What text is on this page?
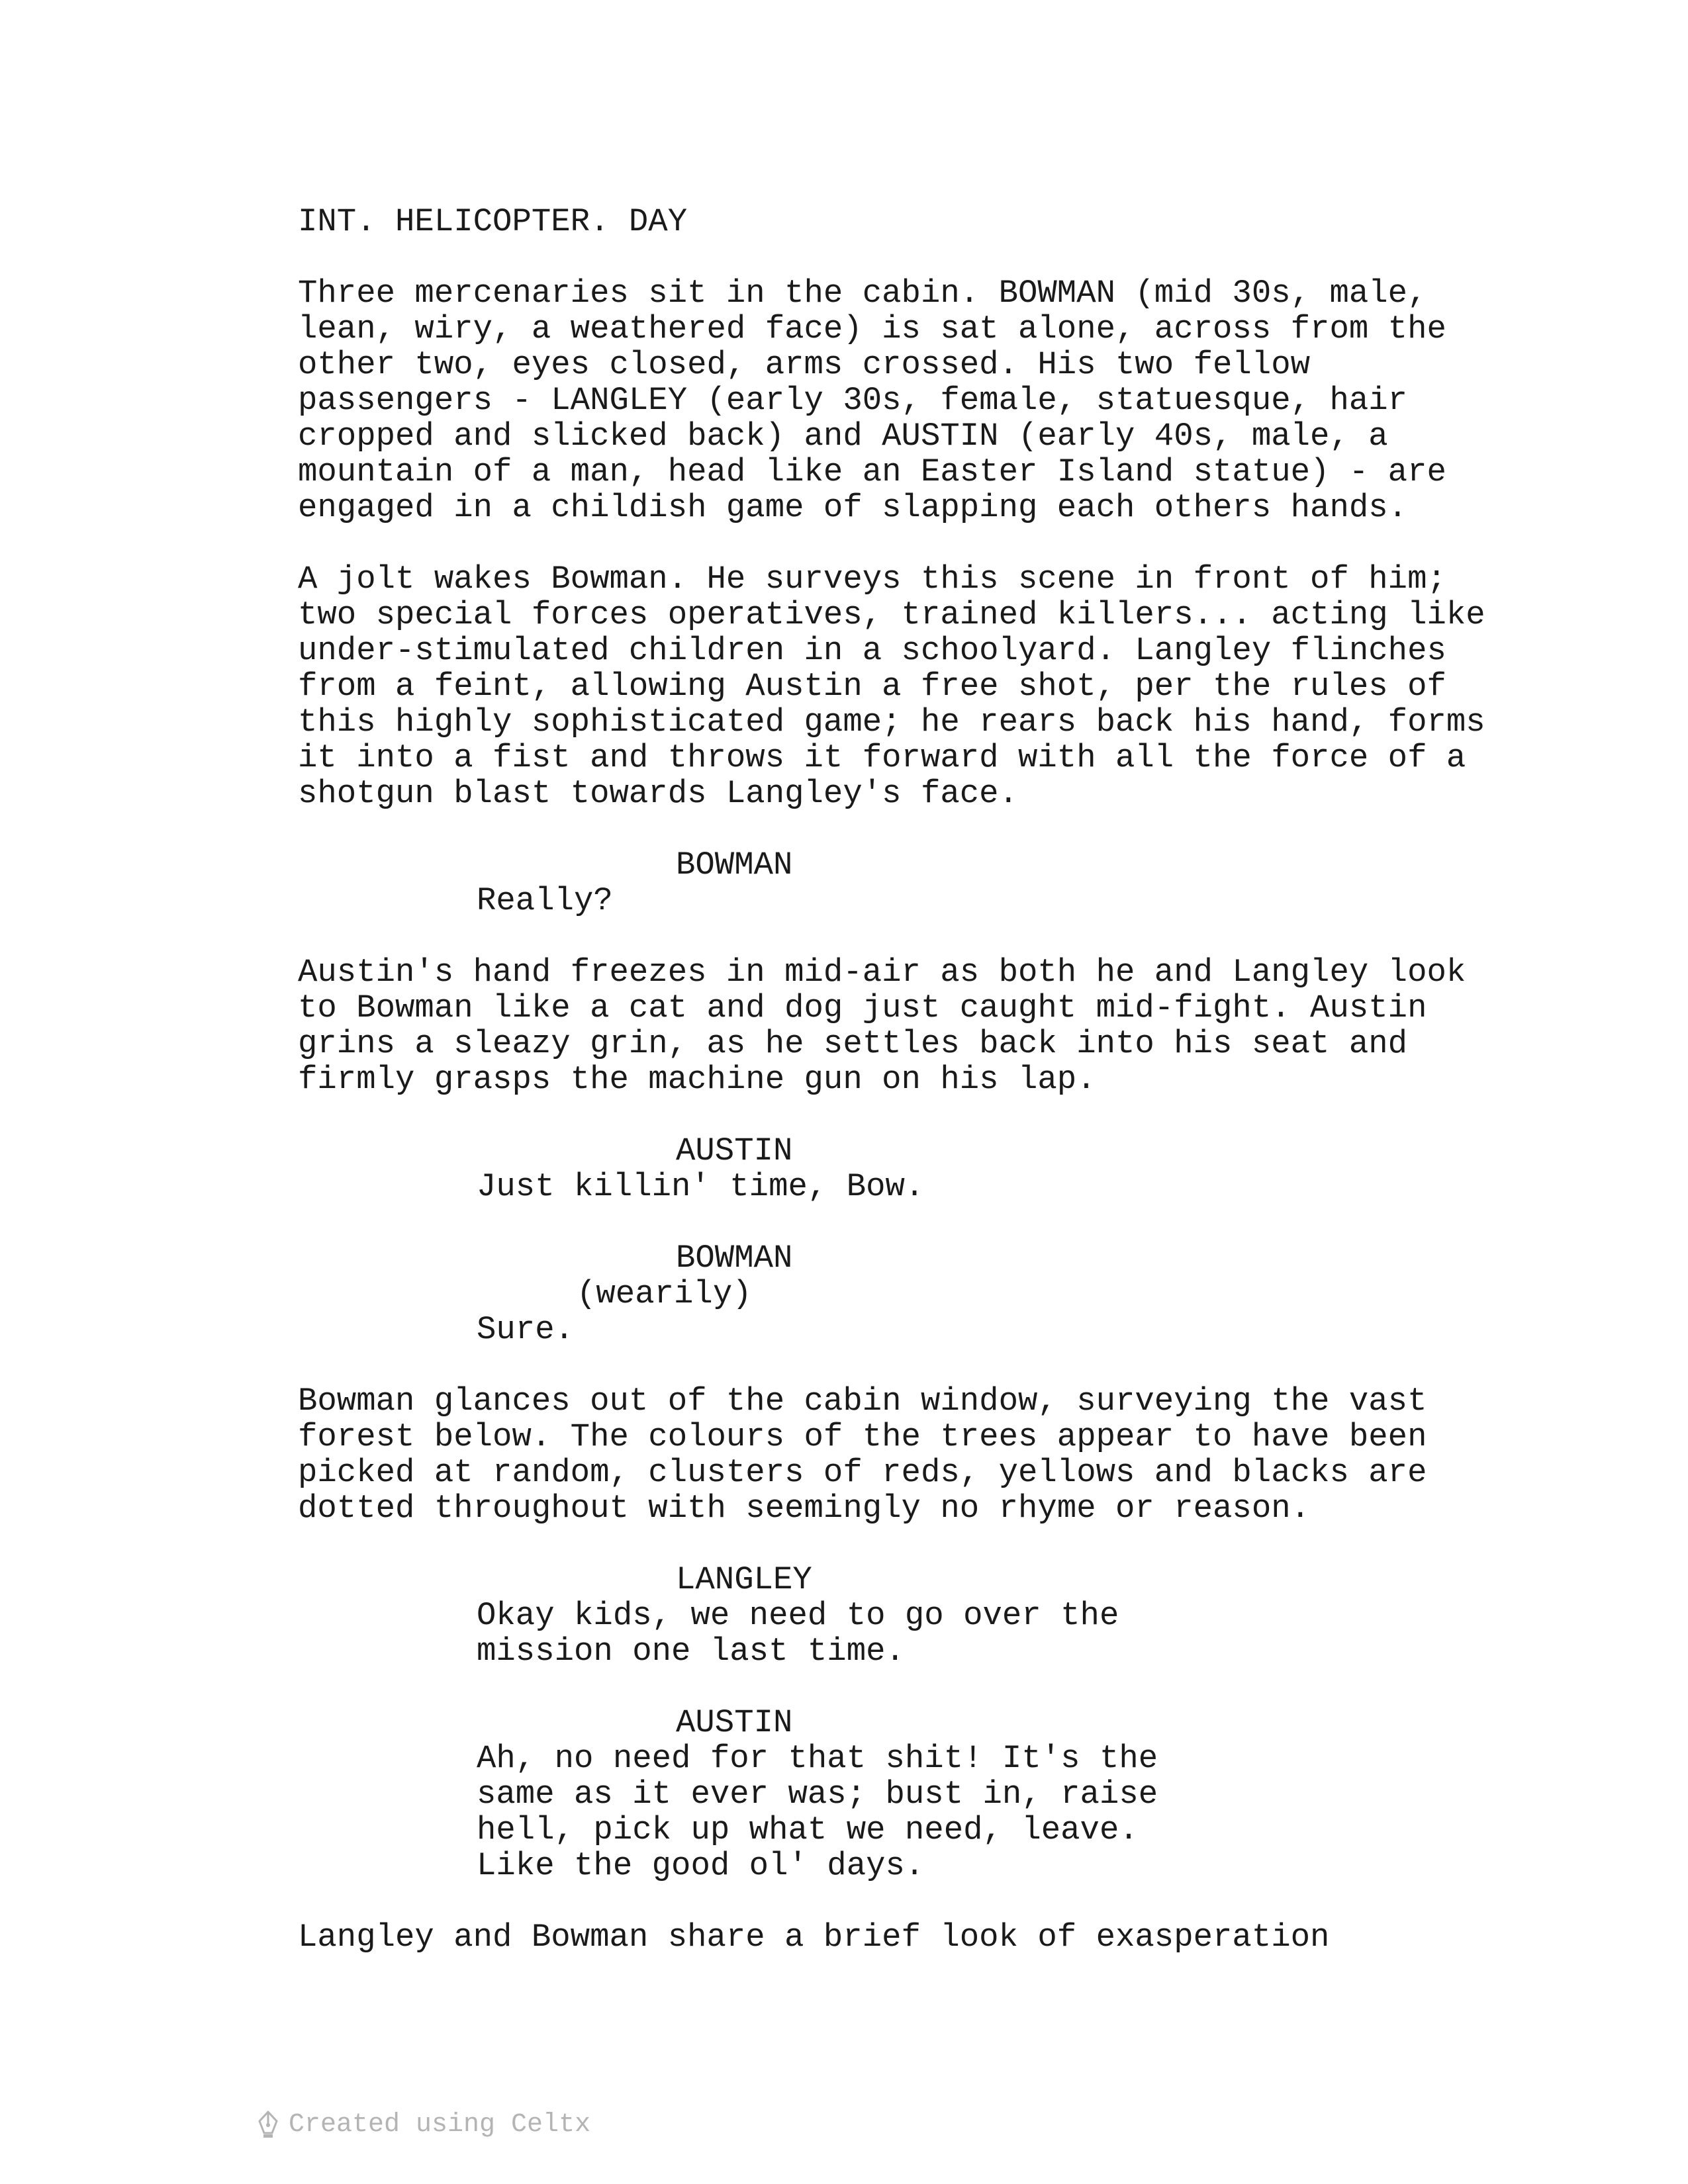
INT. HELICOPTER. DAY
Three mercenaries sit in the cabin. BOWMAN (mid 30s, male,
lean, wiry, a weathered face) is sat alone, across from the
other two, eyes closed, arms crossed. His two fellow
passengers - LANGLEY (early 30s, female, statuesque, hair
cropped and slicked back) and AUSTIN (early 40s, male, a
mountain of a man, head like an Easter Island statue) - are
engaged in a childish game of slapping each others hands.
A jolt wakes Bowman. He surveys this scene in front of him;
two special forces operatives, trained killers... acting like
under-stimulated children in a schoolyard. Langley flinches
from a feint, allowing Austin a free shot, per the rules of
this highly sophisticated game; he rears back his hand, forms
it into a fist and throws it forward with all the force of a
shotgun blast towards Langley's face.
BOWMAN
Really?
Austin's hand freezes in mid-air as both he and Langley look
to Bowman like a cat and dog just caught mid-fight. Austin
grins a sleazy grin, as he settles back into his seat and
firmly grasps the machine gun on his lap.
AUSTIN
Just killin' time, Bow.
BOWMAN
(wearily)
Sure.
Bowman glances out of the cabin window, surveying the vast
forest below. The colours of the trees appear to have been
picked at random, clusters of reds, yellows and blacks are
dotted throughout with seemingly no rhyme or reason.
LANGLEY
Okay kids, we need to go over the
mission one last time.
AUSTIN
Ah, no need for that shit! It's the
same as it ever was; bust in, raise
hell, pick up what we need, leave.
Like the good ol' days.
Langley and Bowman share a brief look of exasperation
Created using Celtx
